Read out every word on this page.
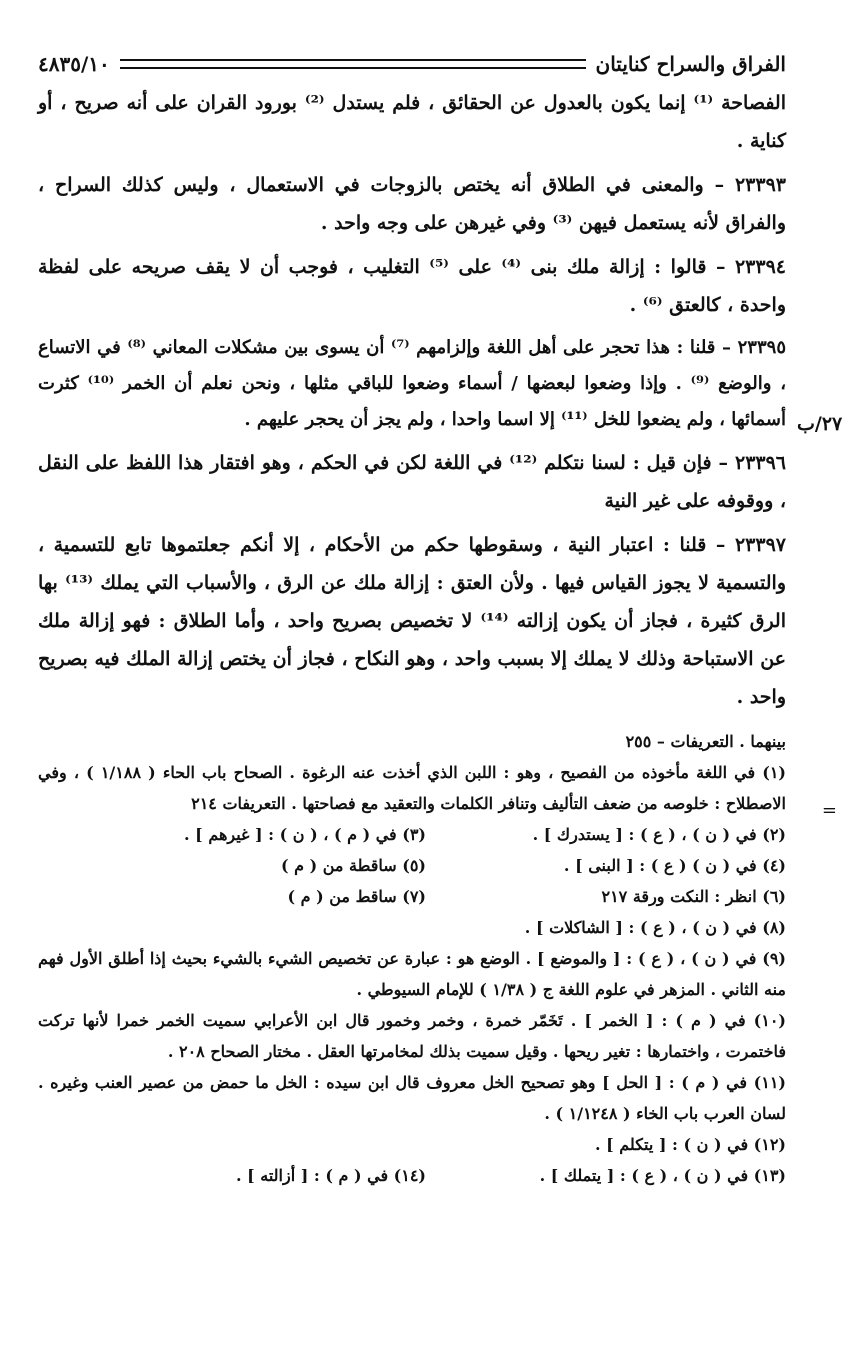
الفراق والسراح كنايتان
٤٨٣٥/١٠

الفصاحة ⁽¹⁾ إنما يكون بالعدول عن الحقائق ، فلم يستدل ⁽²⁾ بورود القران على أنه صريح ، أو كناية .

٢٣٣٩٣ – والمعنى في الطلاق أنه يختص بالزوجات في الاستعمال ، وليس كذلك السراح ، والفراق لأنه يستعمل فيهن ⁽³⁾ وفي غيرهن على وجه واحد .

٢٣٣٩٤ – قالوا : إزالة ملك بنى ⁽⁴⁾ على ⁽⁵⁾ التغليب ، فوجب أن لا يقف صريحه على لفظة واحدة ، كالعتق ⁽⁶⁾ .

٢٣٣٩٥ – قلنا : هذا تحجر على أهل اللغة وإلزامهم ⁽⁷⁾ أن يسوى بين مشكلات المعاني ⁽⁸⁾ في الاتساع ، والوضع ⁽⁹⁾ . وإذا وضعوا لبعضها / أسماء وضعوا للباقي مثلها ، ونحن نعلم أن الخمر ⁽¹⁰⁾ كثرت أسمائها ، ولم يضعوا للخل ⁽¹¹⁾ إلا اسما واحدا ، ولم يجز أن يحجر عليهم .

٢٣٣٩٦ – فإن قيل : لسنا نتكلم ⁽¹²⁾ في اللغة لكن في الحكم ، وهو افتقار هذا اللفظ على النقل ، ووقوفه على غير النية

٢٣٣٩٧ – قلنا : اعتبار النية ، وسقوطها حكم من الأحكام ، إلا أنكم جعلتموها تابع للتسمية ، والتسمية لا يجوز القياس فيها . ولأن العتق : إزالة ملك عن الرق ، والأسباب التي يملك ⁽¹³⁾ بها الرق كثيرة ، فجاز أن يكون إزالته ⁽¹⁴⁾ لا تخصيص بصريح واحد ، وأما الطلاق : فهو إزالة ملك عن الاستباحة وذلك لا يملك إلا بسبب واحد ، وهو النكاح ، فجاز أن يختص إزالة الملك فيه بصريح واحد .

بينهما . التعريفات – ٢٥٥
(١) في اللغة مأخوذه من الفصيح ، وهو : اللبن الذي أخذت عنه الرغوة . الصحاح باب الحاء ( ١/١٨٨ ) ، وفي الاصطلاح : خلوصه من ضعف التأليف وتنافر الكلمات والتعقيد مع فصاحتها . التعريفات ٢١٤
(٢) في ( ن ) ، ( ع ) : [ يستدرك ] .
(٣) في ( م ) ، ( ن ) : [ غيرهم ] .
(٤) في ( ن ) ( ع ) : [ البنى ] .
(٥) ساقطة من ( م )
(٦) انظر : النكت ورقة ٢١٧
(٧) ساقط من ( م )
(٨) في ( ن ) ، ( ع ) : [ الشاكلات ] .
(٩) في ( ن ) ، ( ع ) : [ والموضع ] . الوضع هو : عبارة عن تخصيص الشيء بالشيء بحيث إذا أطلق الأول فهم منه الثاني . المزهر في علوم اللغة ج ( ١/٣٨ ) للإمام السيوطي .
(١٠) في ( م ) : [ الخمر ] . تَخَمّر خمرة ، وخمر وخمور قال ابن الأعرابي سميت الخمر خمرا لأنها تركت فاختمرت ، واختمارها : تغير ريحها . وقيل سميت بذلك لمخامرتها العقل . مختار الصحاح ٢٠٨ .
(١١) في ( م ) : [ الحل ] وهو تصحيح الخل معروف قال ابن سيده : الخل ما حمض من عصير العنب وغيره . لسان العرب باب الخاء ( ١/١٢٤٨ ) .
(١٢) في ( ن ) : [ يتكلم ] .
(١٣) في ( ن ) ، ( ع ) : [ يتملك ] .
(١٤) في ( م ) : [ أزالته ] .
٢٧/ب
=
